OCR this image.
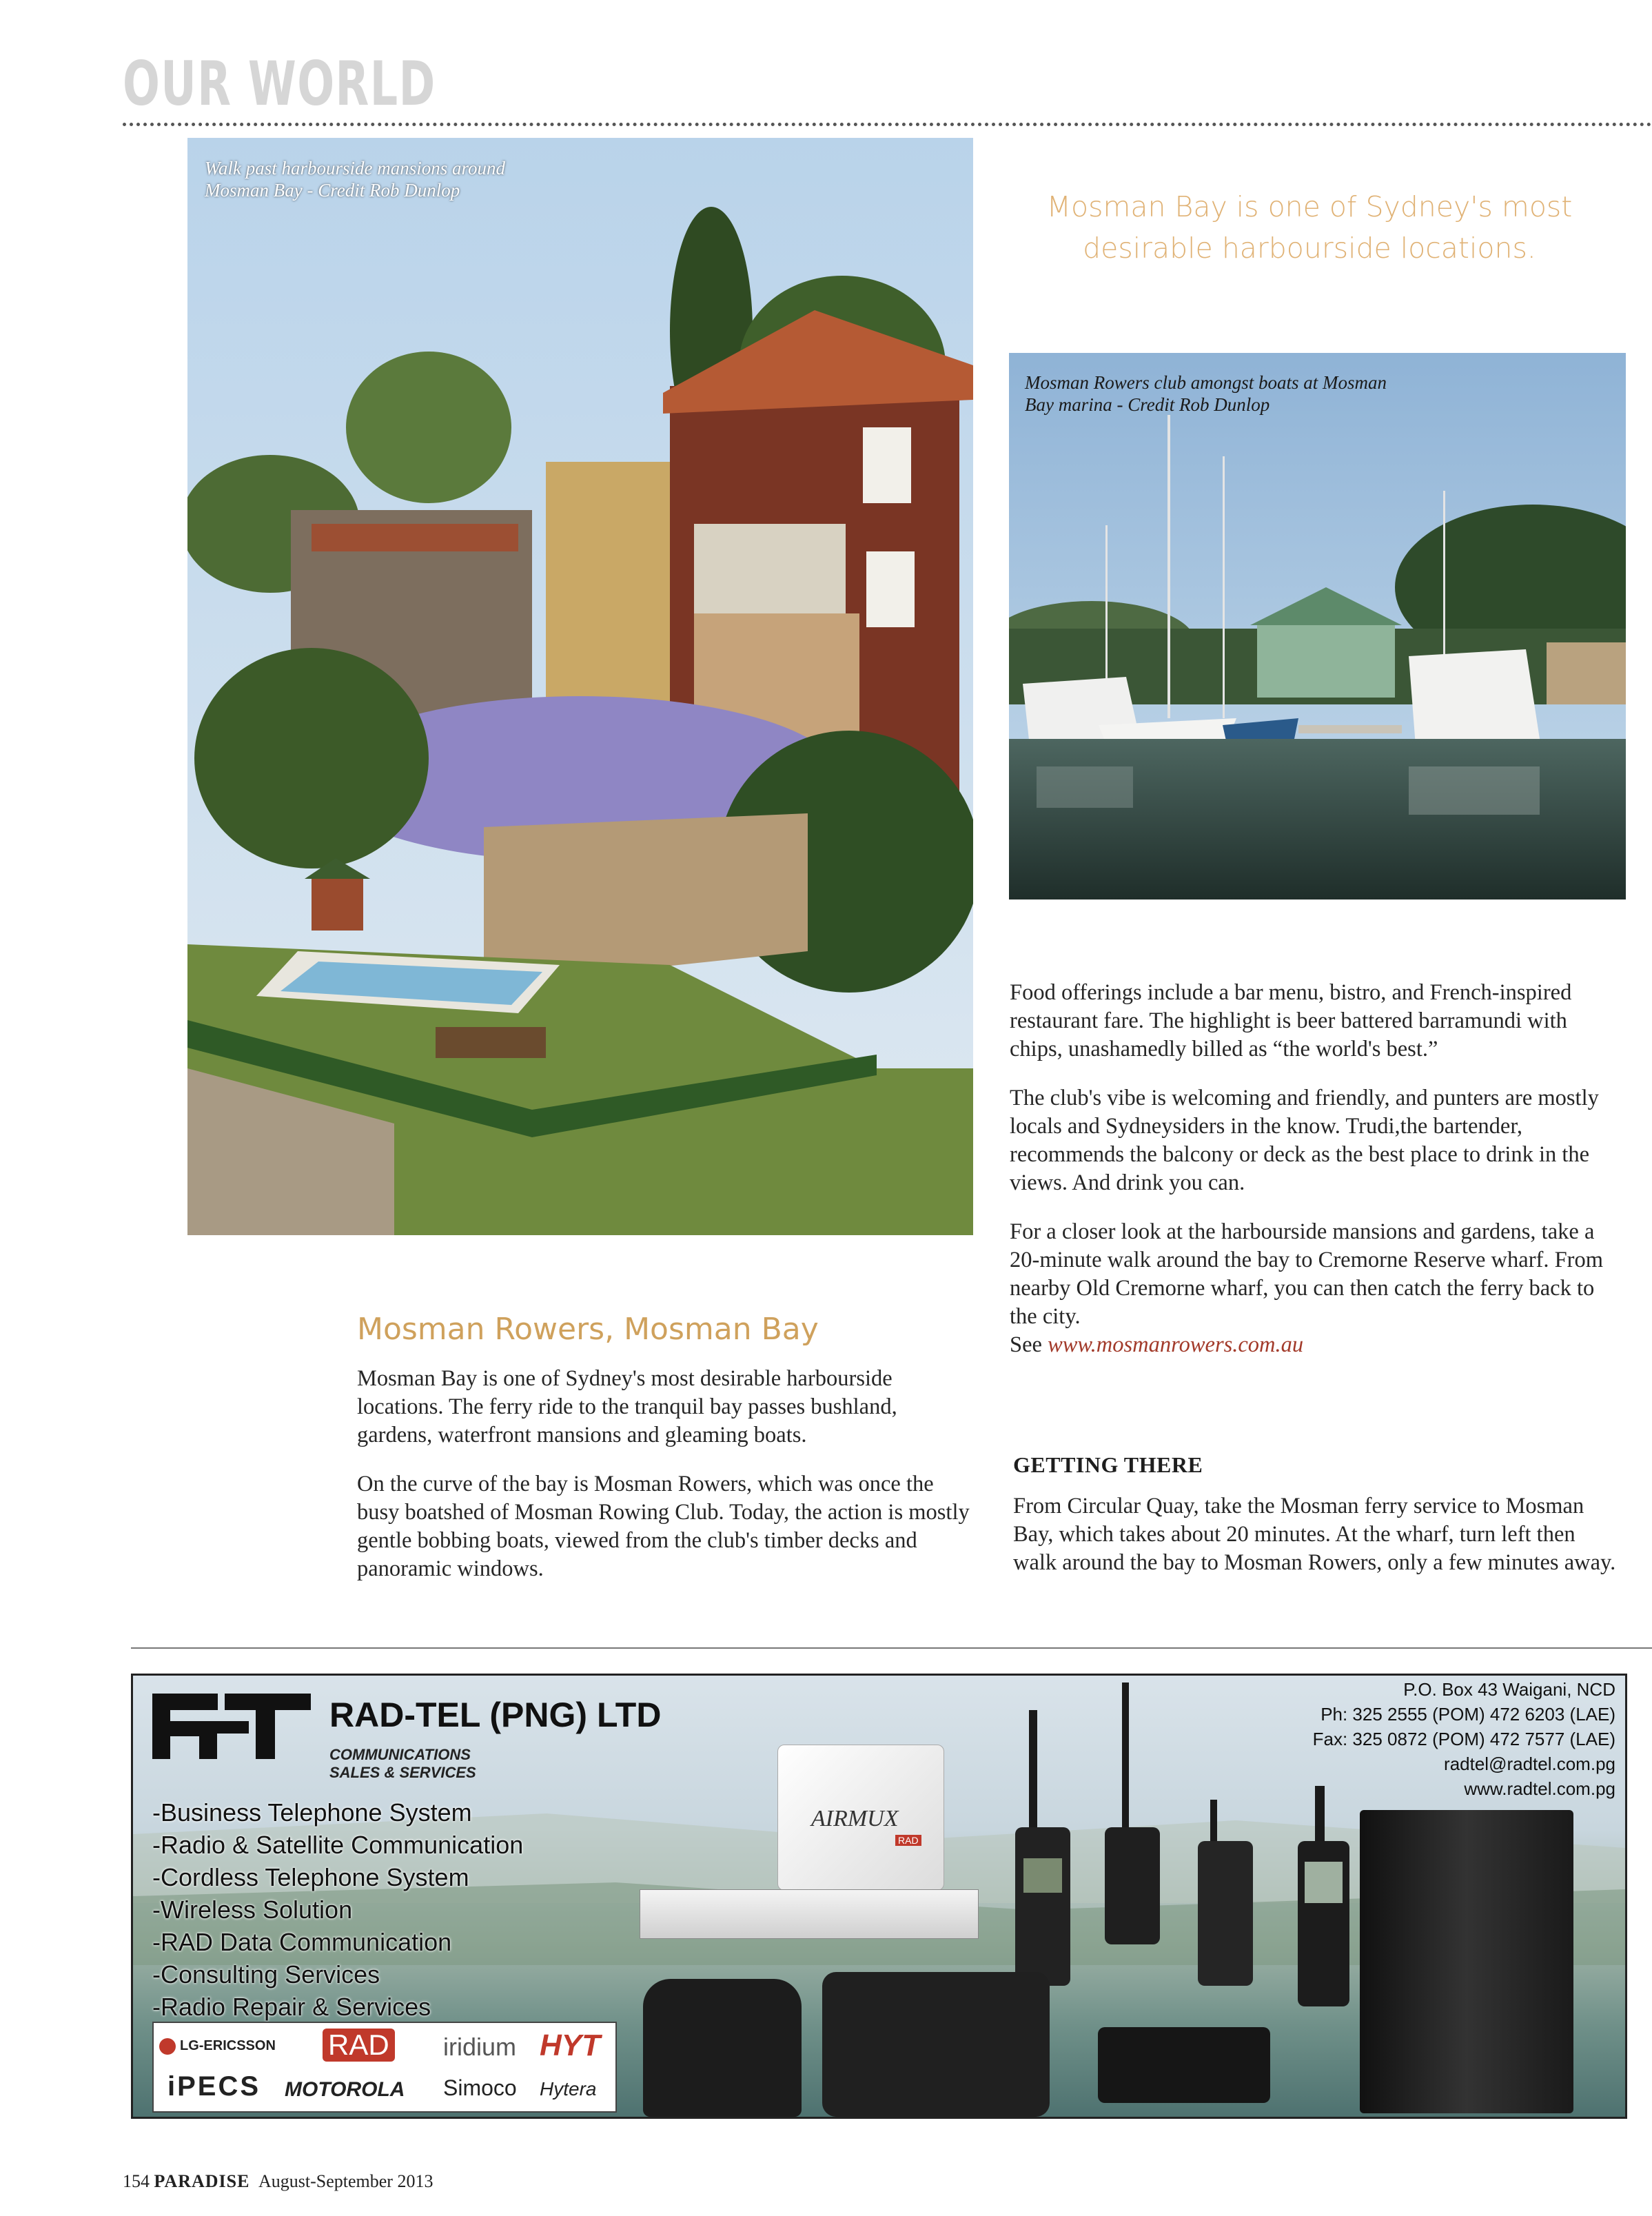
OUR WORLD
Walk past harbourside mansions around Mosman Bay - Credit Rob Dunlop	Mosman Bay is one of Sydney's most desirable harbourside locations.
Mosman Rowers club amongst boats at Mosman Bay marina - Credit Rob Dunlop
Mosman Rowers, Mosman Bay

Mosman Bay is one of Sydney's most desirable harbourside locations. The ferry ride to the tranquil bay passes bushland, gardens, waterfront mansions and gleaming boats.

On the curve of the bay is Mosman Rowers, which was once the busy boatshed of Mosman Rowing Club. Today, the action is mostly gentle bobbing boats, viewed from the club's timber decks and panoramic windows.

Food offerings include a bar menu, bistro, and French-inspired restaurant fare. The highlight is beer battered barramundi with chips, unashamedly billed as “the world's best.”

The club's vibe is welcoming and friendly, and punters are mostly locals and Sydneysiders in the know. Trudi,the bartender, recommends the balcony or deck as the best place to drink in the views. And drink you can.

For a closer look at the harbourside mansions and gardens, take a 20-minute walk around the bay to Cremorne Reserve wharf. From nearby Old Cremorne wharf, you can then catch the ferry back to the city.

See www.mosmanrowers.com.au

GETTING THERE

From Circular Quay, take the Mosman ferry service to Mosman Bay, which takes about 20 minutes. At the wharf, turn left then walk around the bay to Mosman Rowers, only a few minutes away.

RAD-TEL (PNG) LTD
COMMUNICATIONS
SALES & SERVICES
-Business Telephone System
-Radio & Satellite Communication
-Cordless Telephone System
-Wireless Solution
-RAD Data Communication
-Consulting Services
-Radio Repair & Services
P.O. Box 43 Waigani, NCD
Ph: 325 2555 (POM) 472 6203 (LAE)
Fax: 325 0872 (POM) 472 7577 (LAE)
radtel@radtel.com.pg
www.radtel.com.pg
AIRMUX
RAD
LG-ERICSSON RAD iridium HYT
iPECS MOTOROLA Simoco Hytera
154 PARADISE August-September 2013
